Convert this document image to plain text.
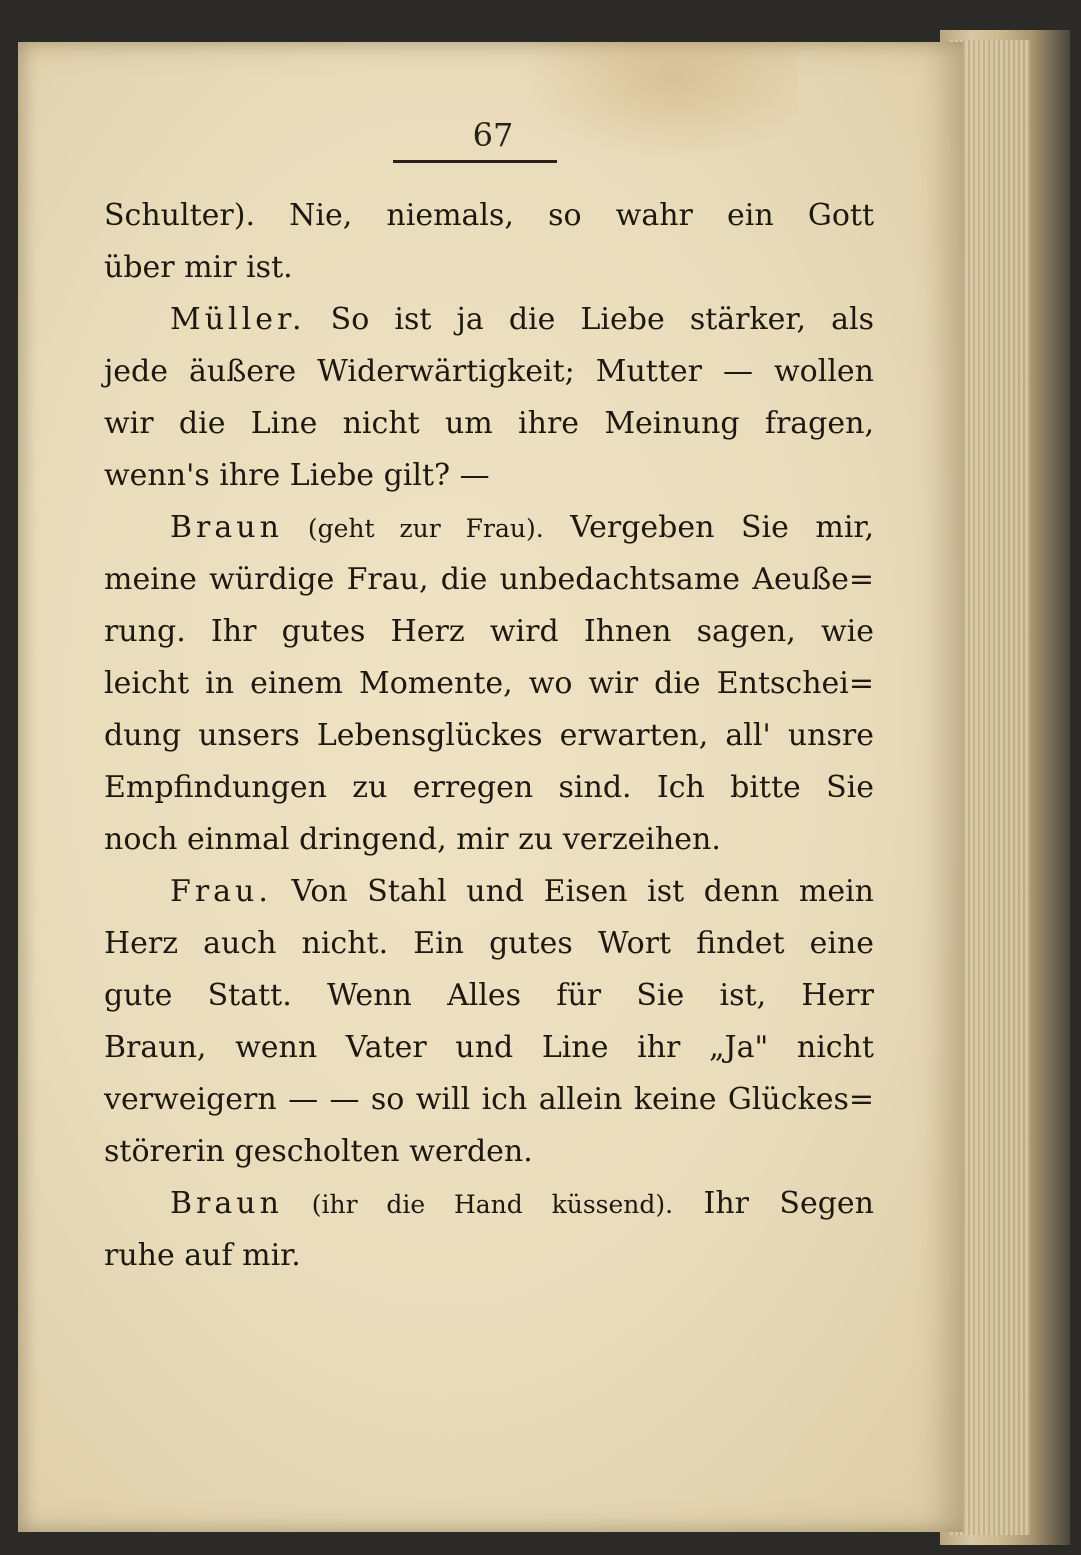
67
Schulter). Nie, niemals, so wahr ein Gott
über mir ist.
Müller. So ist ja die Liebe stärker, als
jede äußere Widerwärtigkeit; Mutter — wollen
wir die Line nicht um ihre Meinung fragen,
wenn's ihre Liebe gilt? —
Braun (geht zur Frau). Vergeben Sie mir,
meine würdige Frau, die unbedachtsame Aeuße=
rung. Ihr gutes Herz wird Ihnen sagen, wie
leicht in einem Momente, wo wir die Entschei=
dung unsers Lebensglückes erwarten, all' unsre
Empfindungen zu erregen sind. Ich bitte Sie
noch einmal dringend, mir zu verzeihen.
Frau. Von Stahl und Eisen ist denn mein
Herz auch nicht. Ein gutes Wort findet eine
gute Statt. Wenn Alles für Sie ist, Herr
Braun, wenn Vater und Line ihr „Ja" nicht
verweigern — — so will ich allein keine Glückes=
störerin gescholten werden.
Braun (ihr die Hand küssend). Ihr Segen
ruhe auf mir.
